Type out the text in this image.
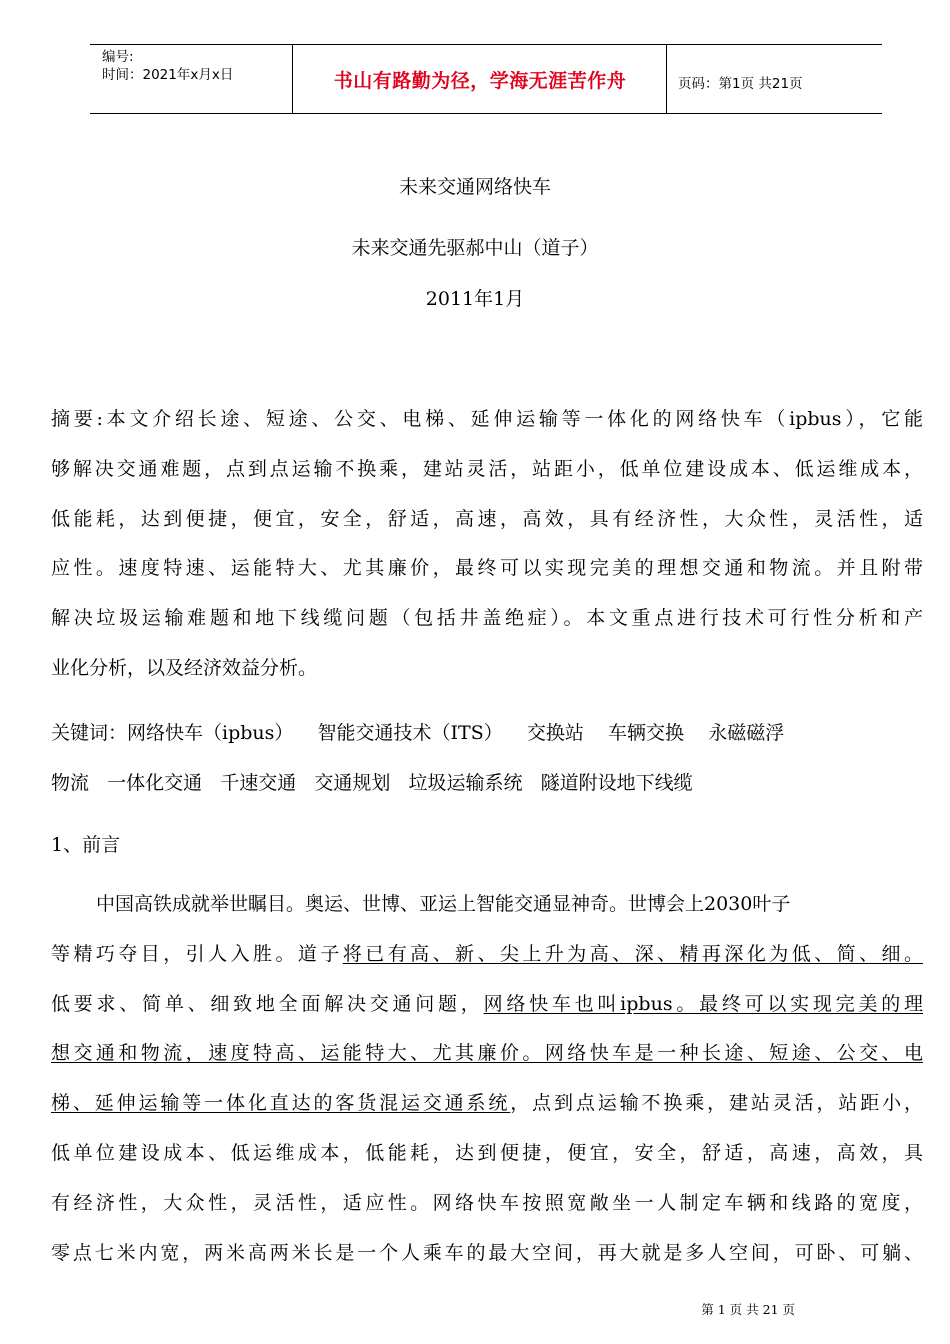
编号:
时间：2021年x月x日	书山有路勤为径，学海无涯苦作舟	页码：第1页 共21页
未来交通网络快车
未来交通先驱郝中山（道子）
2011年1月
摘要:本文介绍长途、短途、公交、电梯、延伸运输等一体化的网络快车（ipbus），它能
够解决交通难题，点到点运输不换乘，建站灵活，站距小，低单位建设成本、低运维成本，
低能耗，达到便捷，便宜，安全，舒适，高速，高效，具有经济性，大众性，灵活性，适
应性。速度特速、运能特大、尤其廉价，最终可以实现完美的理想交通和物流。并且附带
解决垃圾运输难题和地下线缆问题（包括井盖绝症）。本文重点进行技术可行性分析和产
业化分析，以及经济效益分析。
关键词：网络快车（ipbus）    智能交通技术（ITS）    交换站    车辆交换    永磁磁浮
物流   一体化交通   千速交通   交通规划   垃圾运输系统   隧道附设地下线缆
1、前言
中国高铁成就举世瞩目。奥运、世博、亚运上智能交通显神奇。世博会上2030叶子
等精巧夺目，引人入胜。道子将已有高、新、尖上升为高、深、精再深化为低、简、细。
低要求、简单、细致地全面解决交通问题，网络快车也叫ipbus。最终可以实现完美的理
想交通和物流，速度特高、运能特大、尤其廉价。网络快车是一种长途、短途、公交、电
梯、延伸运输等一体化直达的客货混运交通系统，点到点运输不换乘，建站灵活，站距小，
低单位建设成本、低运维成本，低能耗，达到便捷，便宜，安全，舒适，高速，高效，具
有经济性，大众性，灵活性，适应性。网络快车按照宽敞坐一人制定车辆和线路的宽度，
零点七米内宽，两米高两米长是一个人乘车的最大空间，再大就是多人空间，可卧、可躺、
第 1 页 共 21 页
